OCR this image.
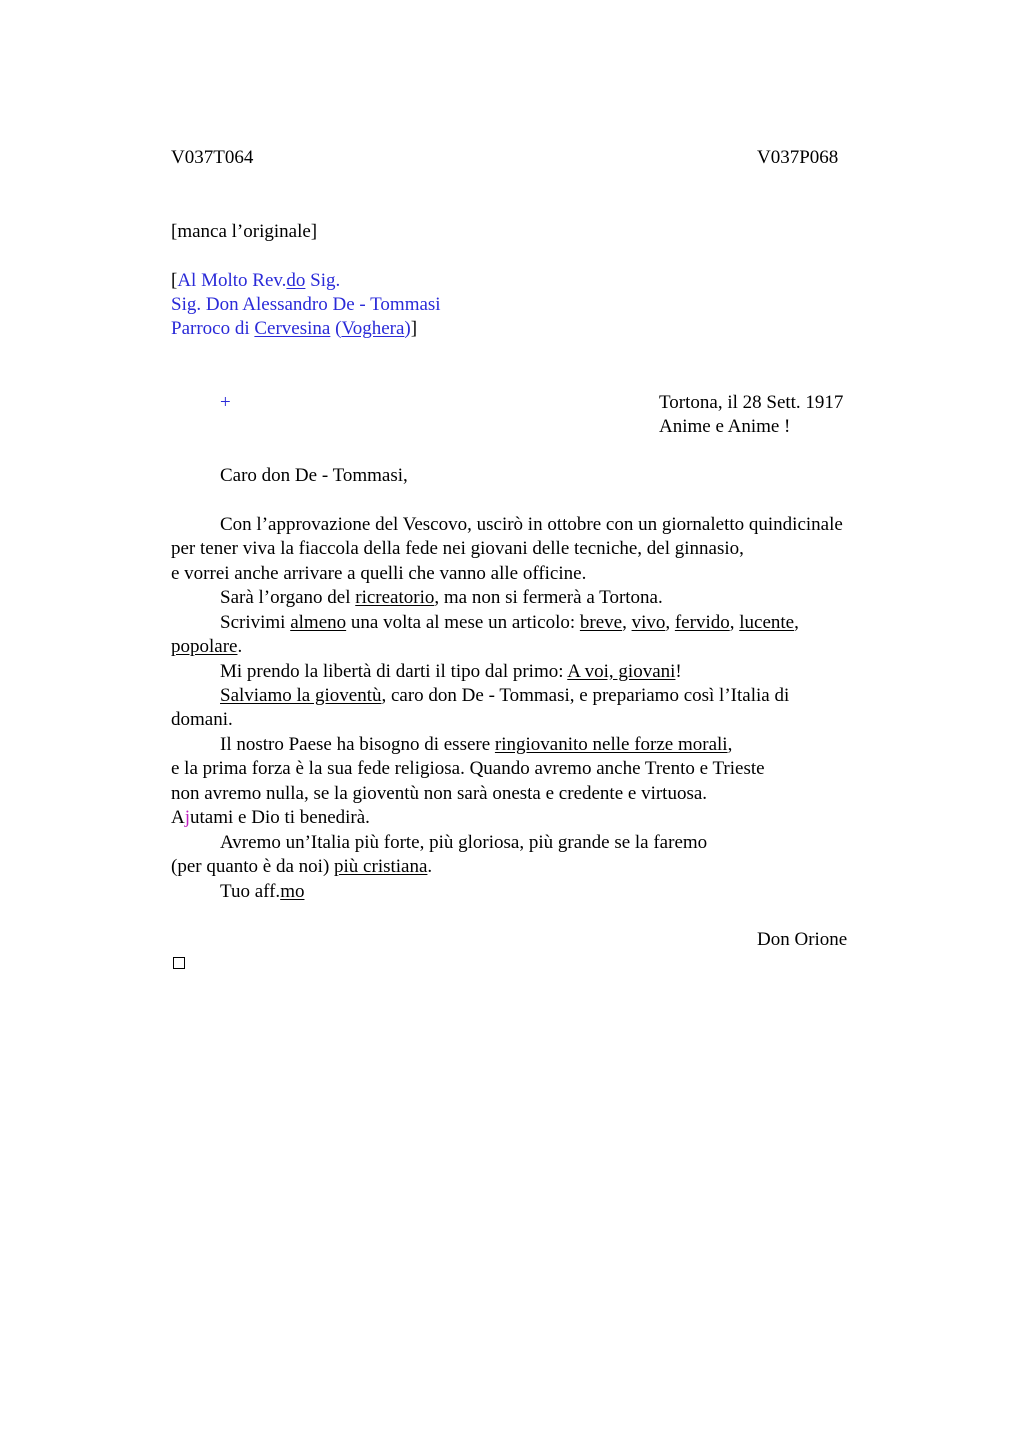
V037T064	V037P068
[manca l’originale]
[Al Molto Rev.do Sig.
Sig. Don Alessandro De - Tommasi
Parroco di Cervesina (Voghera)]
+	Tortona, il 28 Sett. 1917
Anime e Anime !
Caro don De - Tommasi,
Con l’approvazione del Vescovo, uscirò in ottobre con un giornaletto quindicinale
per tener viva la fiaccola della fede nei giovani delle tecniche, del ginnasio,
e vorrei anche arrivare a quelli che vanno alle officine.
Sarà l’organo del ricreatorio, ma non si fermerà a Tortona.
Scrivimi almeno una volta al mese un articolo: breve, vivo, fervido, lucente,
popolare.
Mi prendo la libertà di darti il tipo dal primo: A voi, giovani!
Salviamo la gioventù, caro don De - Tommasi, e prepariamo così l’Italia di
domani.
Il nostro Paese ha bisogno di essere ringiovanito nelle forze morali,
e la prima forza è la sua fede religiosa. Quando avremo anche Trento e Trieste
non avremo nulla, se la gioventù non sarà onesta e credente e virtuosa.
Ajutami e Dio ti benedirà.
Avremo un’Italia più forte, più gloriosa, più grande se la faremo
(per quanto è da noi) più cristiana.
Tuo aff.mo
Don Orione
